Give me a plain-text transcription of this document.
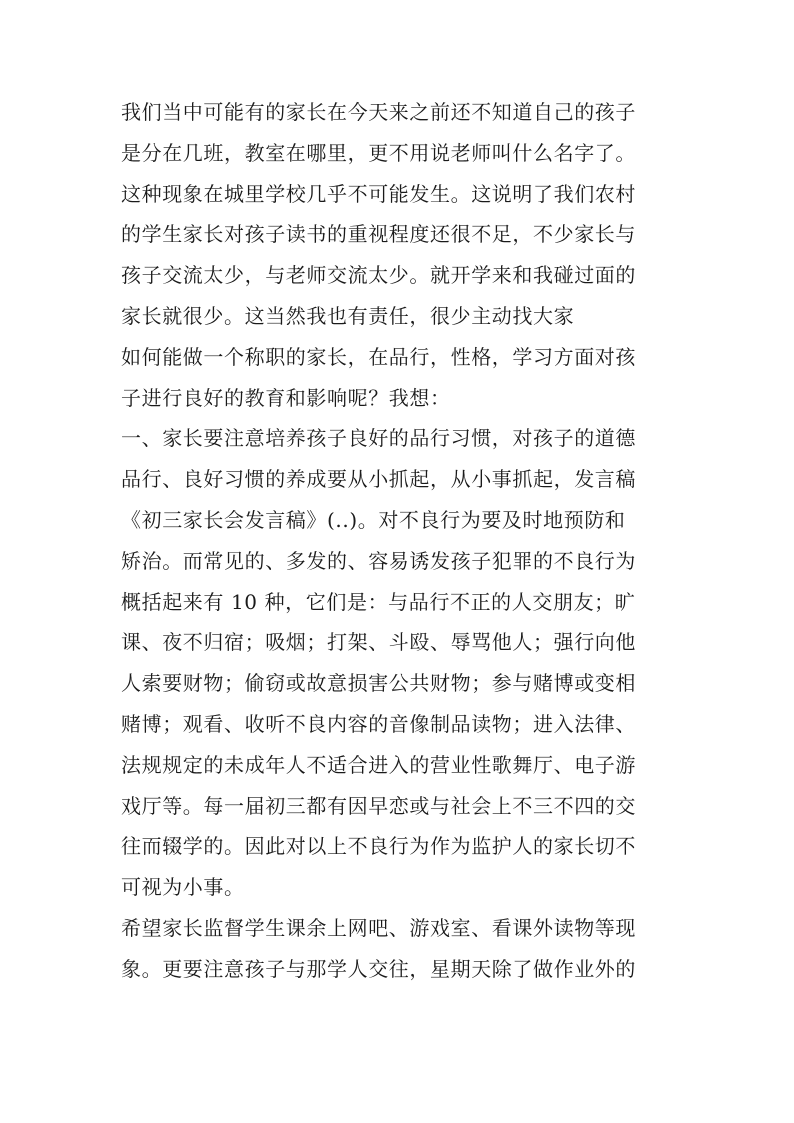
我们当中可能有的家长在今天来之前还不知道自己的孩子
是分在几班，教室在哪里，更不用说老师叫什么名字了。
这种现象在城里学校几乎不可能发生。这说明了我们农村
的学生家长对孩子读书的重视程度还很不足，不少家长与
孩子交流太少，与老师交流太少。就开学来和我碰过面的
家长就很少。这当然我也有责任，很少主动找大家
如何能做一个称职的家长，在品行，性格，学习方面对孩
子进行良好的教育和影响呢？我想：
一、家长要注意培养孩子良好的品行习惯，对孩子的道德
品行、良好习惯的养成要从小抓起，从小事抓起，发言稿
《初三家长会发言稿》(..)。对不良行为要及时地预防和
矫治。而常见的、多发的、容易诱发孩子犯罪的不良行为
概括起来有 10 种，它们是：与品行不正的人交朋友；旷
课、夜不归宿；吸烟；打架、斗殴、辱骂他人；强行向他
人索要财物；偷窃或故意损害公共财物；参与赌博或变相
赌博；观看、收听不良内容的音像制品读物；进入法律、
法规规定的未成年人不适合进入的营业性歌舞厅、电子游
戏厅等。每一届初三都有因早恋或与社会上不三不四的交
往而辍学的。因此对以上不良行为作为监护人的家长切不
可视为小事。
希望家长监督学生课余上网吧、游戏室、看课外读物等现
象。更要注意孩子与那学人交往，星期天除了做作业外的
